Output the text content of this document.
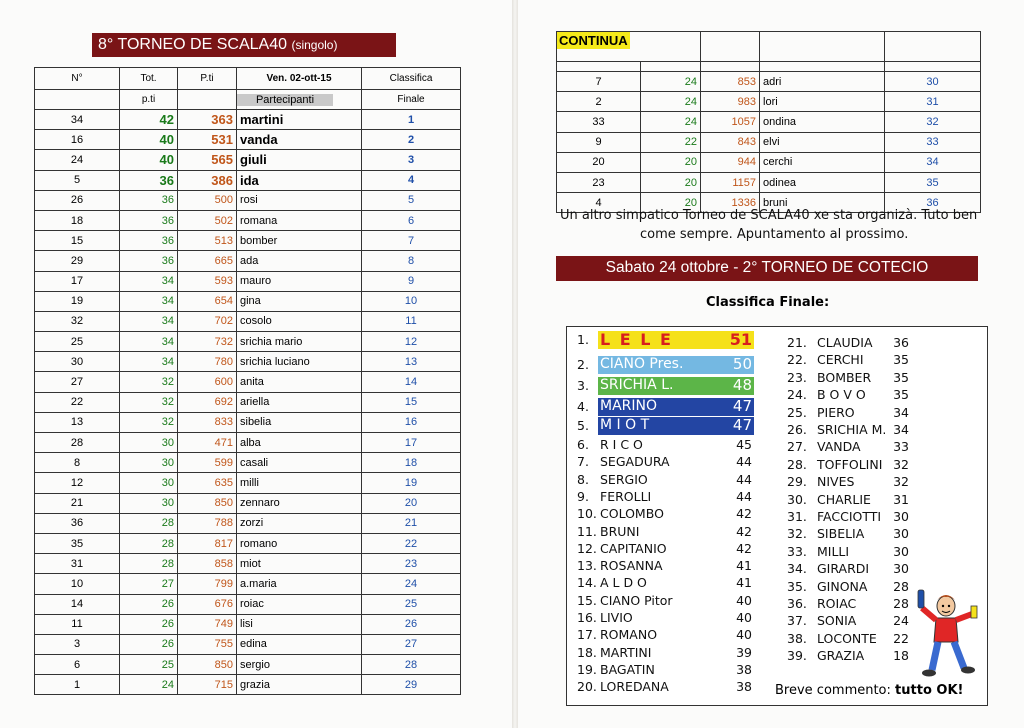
8° TORNEO DE SCALA40 (singolo)
N°	Tot.	P.ti	Ven. 02-ott-15	Classifica
	p.ti		Partecipanti	Finale
34	42	363	martini	1
16	40	531	vanda	2
24	40	565	giuli	3
5	36	386	ida	4
26	36	500	rosi	5
18	36	502	romana	6
15	36	513	bomber	7
29	36	665	ada	8
17	34	593	mauro	9
19	34	654	gina	10
32	34	702	cosolo	11
25	34	732	srichia mario	12
30	34	780	srichia luciano	13
27	32	600	anita	14
22	32	692	ariella	15
13	32	833	sibelia	16
28	30	471	alba	17
8	30	599	casali	18
12	30	635	milli	19
21	30	850	zennaro	20
36	28	788	zorzi	21
35	28	817	romano	22
31	28	858	miot	23
10	27	799	a.maria	24
14	26	676	roiac	25
11	26	749	lisi	26
3	26	755	edina	27
6	25	850	sergio	28
1	24	715	grazia	29
CONTINUA				

7	24	853	adri	30
2	24	983	lori	31
33	24	1057	ondina	32
9	22	843	elvi	33
20	20	944	cerchi	34
23	20	1157	odinea	35
4	20	1336	bruni	36
Un altro simpatico Torneo de SCALA40 xe sta organizà. Tuto ben
come sempre. Apuntamento al prossimo.
Sabato 24 ottobre - 2° TORNEO DE COTECIO
Classifica Finale:
1. L E L E	51
2. CIANO Pres.	50
3. SRICHIA L.	48
4. MARINO	47
5. M I O T	47
6. R I C O	45
7. SEGADURA	44
8. SERGIO	44
9. FEROLLI	44
10. COLOMBO	42
11. BRUNI	42
12. CAPITANIO	42
13. ROSANNA	41
14. A L D O	41
15. CIANO Pitor	40
16. LIVIO	40
17. ROMANO	40
18. MARTINI	39
19. BAGATIN	38
20. LOREDANA	38
21. CLAUDIA	36
22. CERCHI	35
23. BOMBER	35
24. B O V O	35
25. PIERO	34
26. SRICHIA M. 34
27. VANDA	33
28. TOFFOLINI 32
29. NIVES	32
30. CHARLIE	31
31. FACCIOTTI 30
32. SIBELIA	30
33. MILLI	30
34. GIRARDI	30
35. GINONA	28
36. ROIAC	28
37. SONIA	24
38. LOCONTE	22
39. GRAZIA	18
Breve commento: tutto OK!
